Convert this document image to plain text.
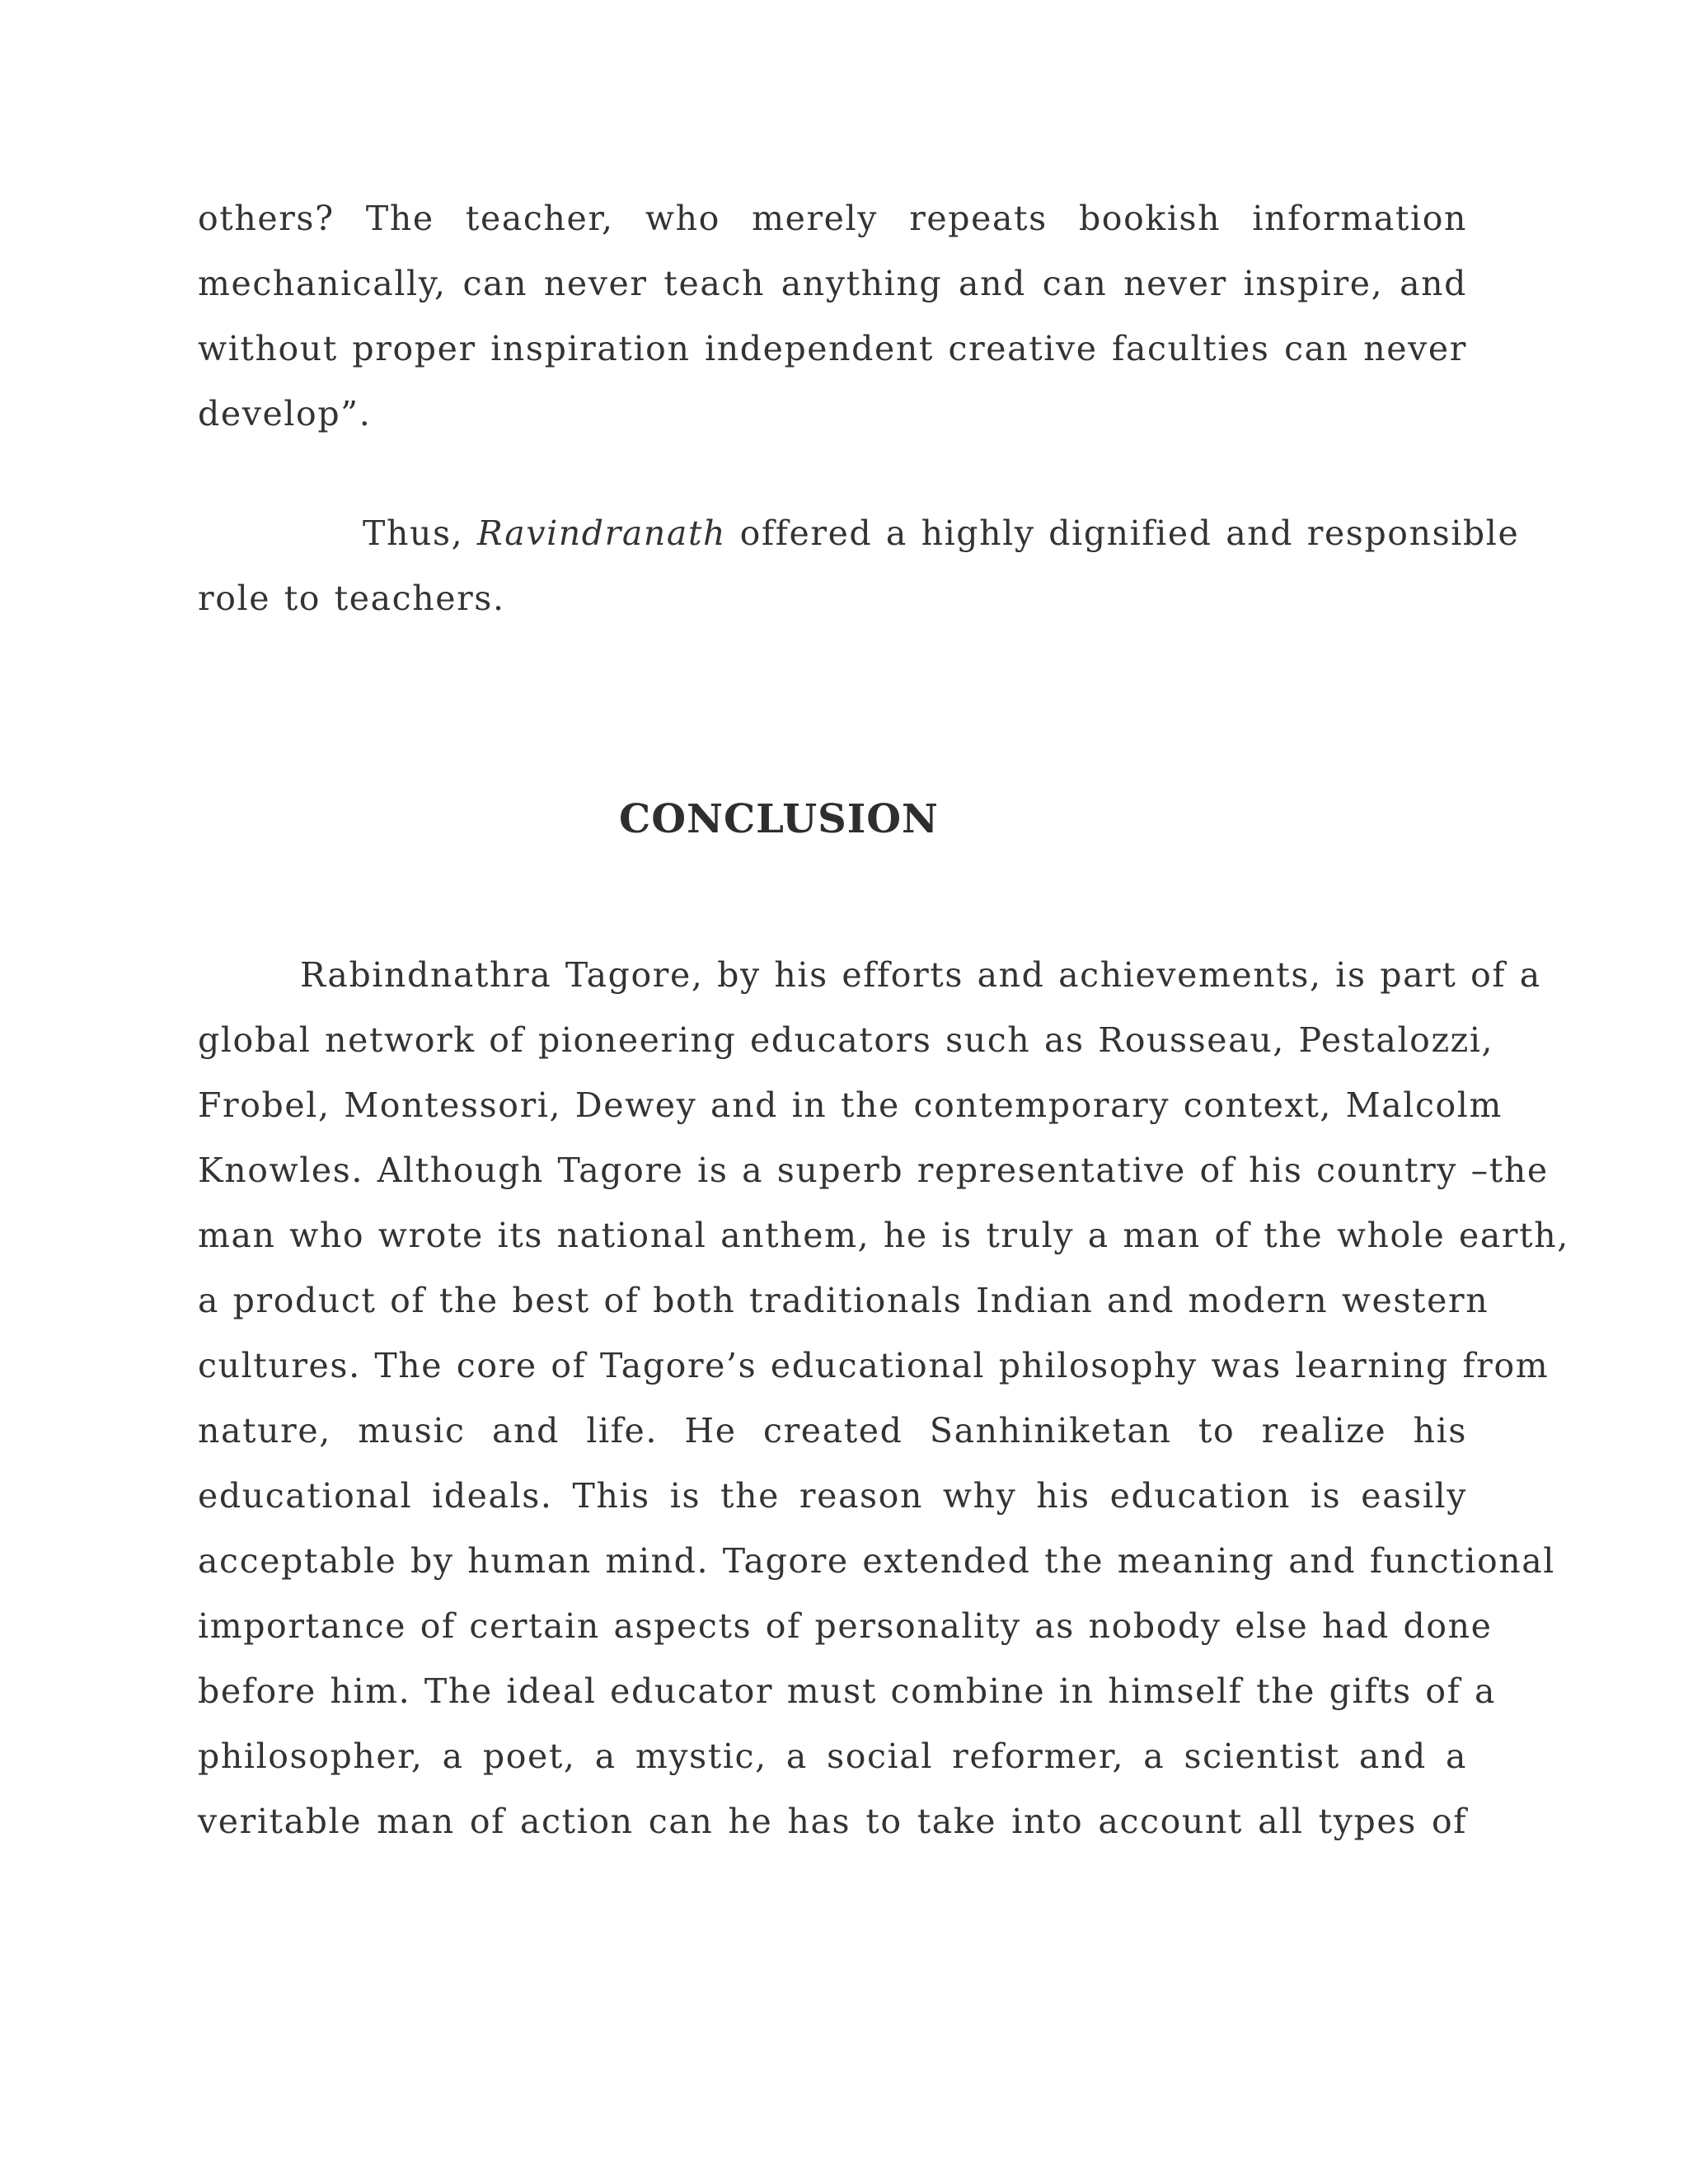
others? The teacher, who merely repeats bookish information
mechanically, can never teach anything and can never inspire, and
without proper inspiration independent creative faculties can never
develop”.
Thus, Ravindranath offered a highly dignified and responsible
role to teachers.
CONCLUSION
Rabindnathra Tagore, by his efforts and achievements, is part of a
global network of pioneering educators such as Rousseau, Pestalozzi,
Frobel, Montessori, Dewey and in the contemporary context, Malcolm
Knowles. Although Tagore is a superb representative of his country –the
man who wrote its national anthem, he is truly a man of the whole earth,
a product of the best of both traditionals Indian and modern western
cultures. The core of Tagore’s educational philosophy was learning from
nature, music and life. He created Sanhiniketan to realize his
educational ideals. This is the reason why his education is easily
acceptable by human mind. Tagore extended the meaning and functional
importance of certain aspects of personality as nobody else had done
before him. The ideal educator must combine in himself the gifts of a
philosopher, a poet, a mystic, a social reformer, a scientist and a
veritable man of action can he has to take into account all types of
